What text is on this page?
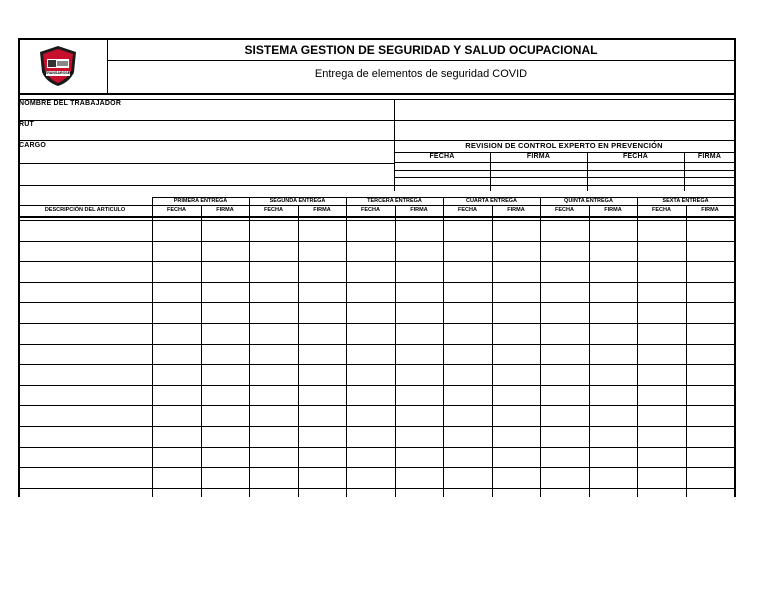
TRANSAROSERI
SISTEMA GESTION DE SEGURIDAD Y SALUD OCUPACIONAL
Entrega de elementos de seguridad COVID
NOMBRE DEL TRABAJADOR
RUT
CARGO	REVISION DE CONTROL EXPERTO EN PREVENCIÓN
FECHA	FIRMA	FECHA	FIRMA
DESCRIPCIÓN DEL ARTICULO
PRIMERA ENTREGA	SEGUNDA ENTREGA	TERCERA ENTREGA	CUARTA ENTREGA	QUINTA ENTREGA	SEXTA ENTREGA
FECHA	FIRMA	FECHA	FIRMA	FECHA	FIRMA	FECHA	FIRMA	FECHA	FIRMA	FECHA	FIRMA
